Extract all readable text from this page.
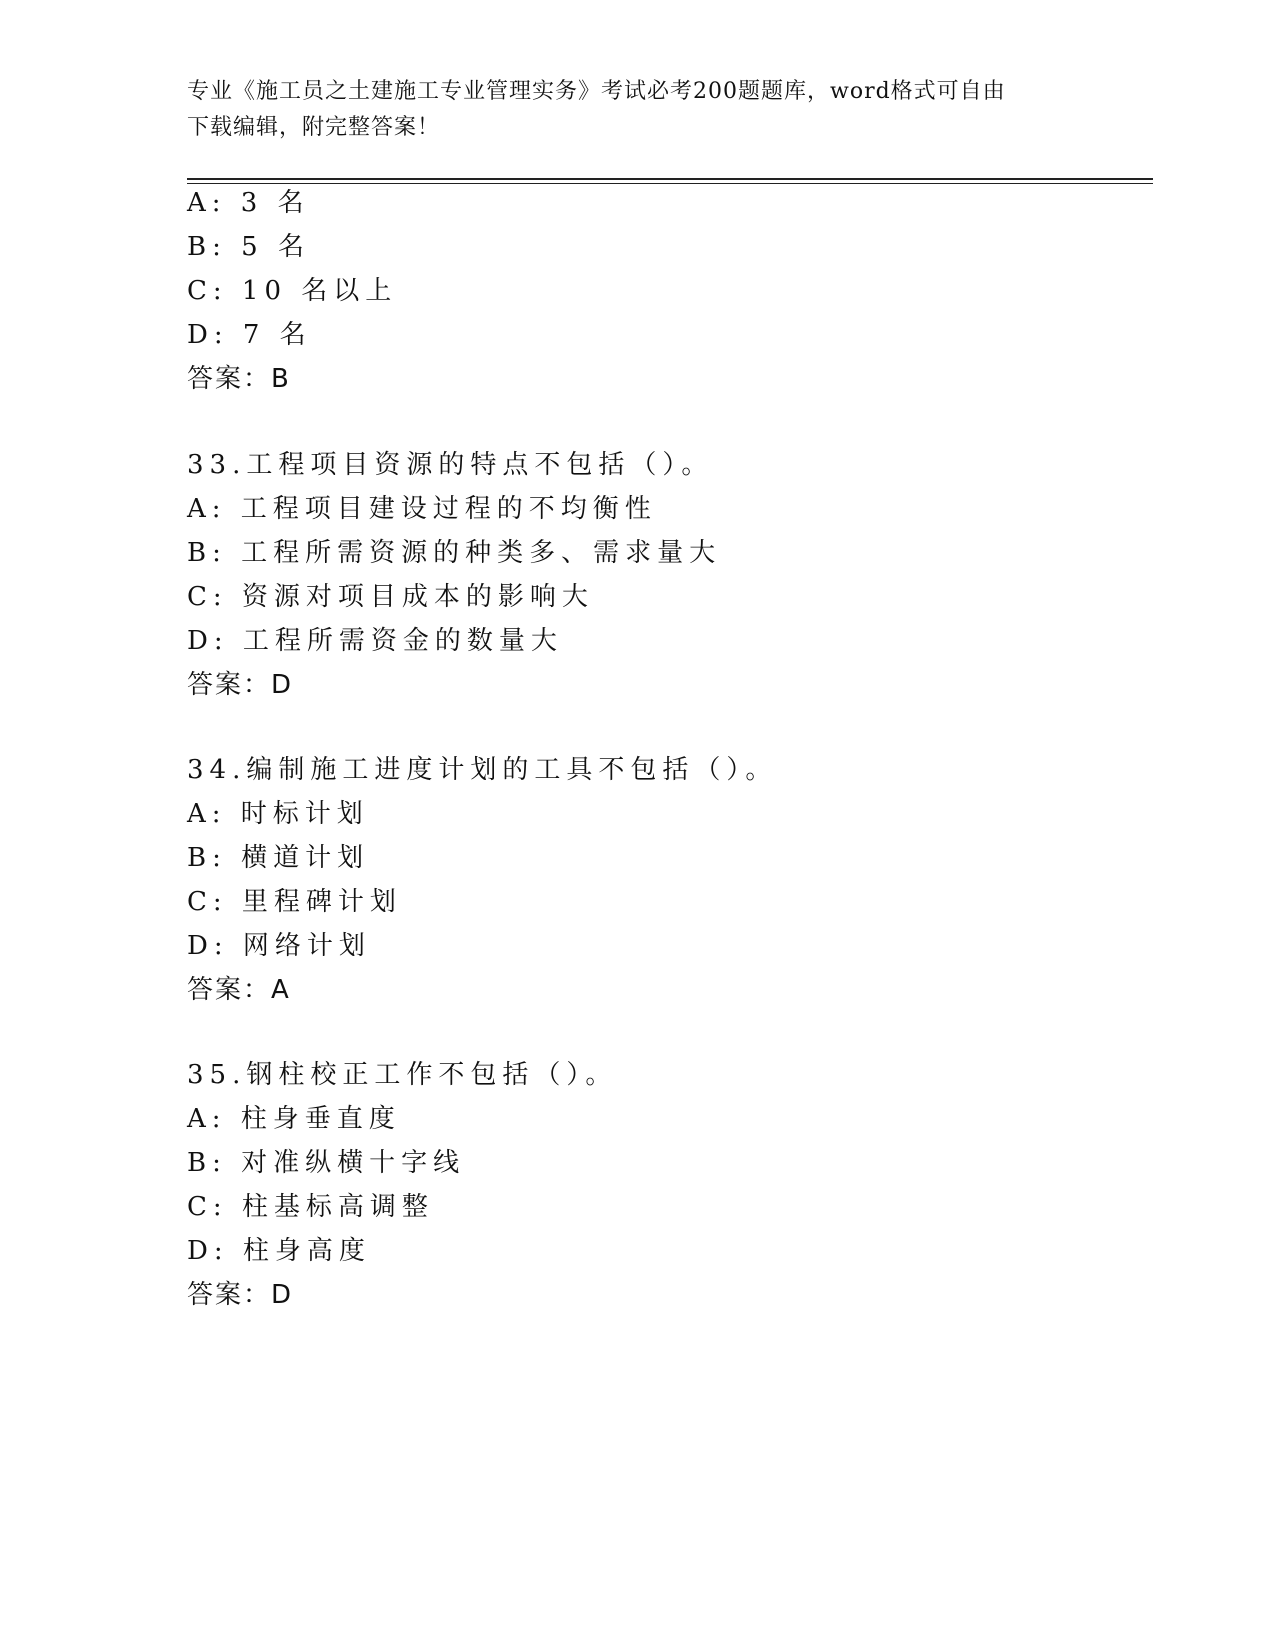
专业《施工员之土建施工专业管理实务》考试必考200题题库，word格式可自由
下载编辑，附完整答案！
A: 3 名
B: 5 名
C: 10 名以上
D: 7 名
答案：B
33.工程项目资源的特点不包括（）。
A: 工程项目建设过程的不均衡性
B: 工程所需资源的种类多、需求量大
C: 资源对项目成本的影响大
D: 工程所需资金的数量大
答案：D
34.编制施工进度计划的工具不包括（）。
A: 时标计划
B: 横道计划
C: 里程碑计划
D: 网络计划
答案：A
35.钢柱校正工作不包括（）。
A: 柱身垂直度
B: 对准纵横十字线
C: 柱基标高调整
D: 柱身高度
答案：D
